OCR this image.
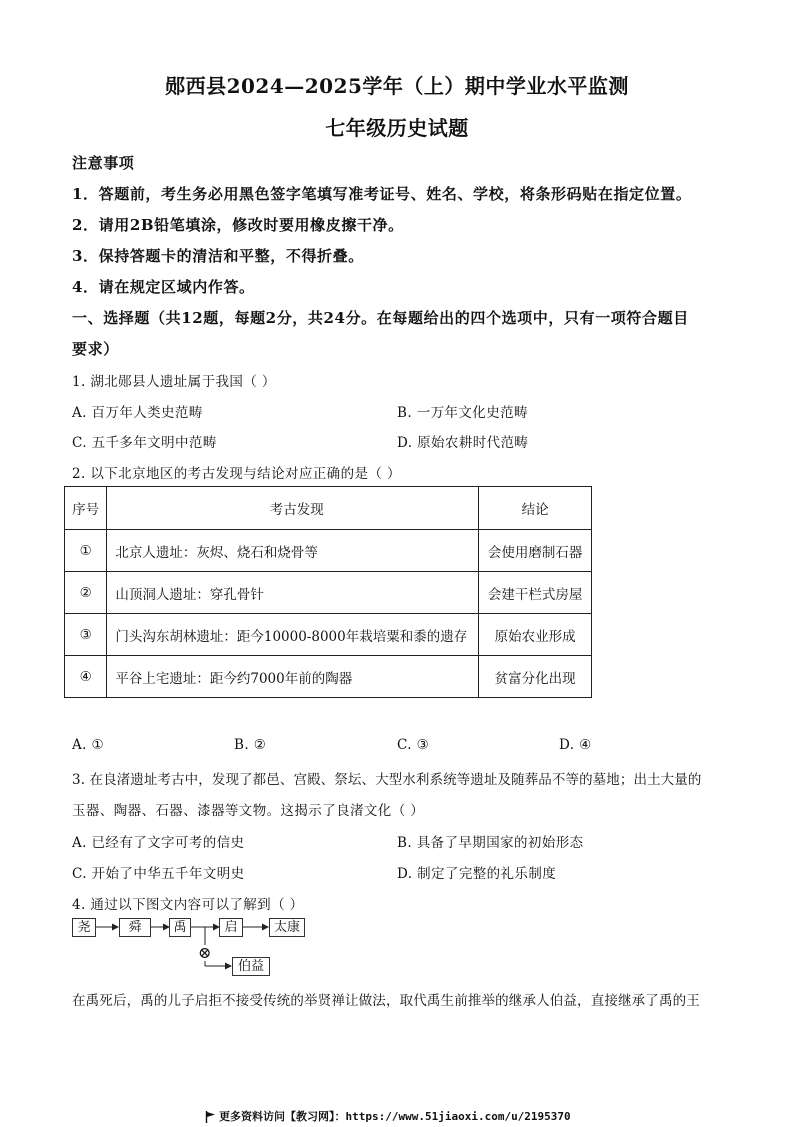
郧西县2024—2025学年（上）期中学业水平监测
七年级历史试题
注意事项
1．答题前，考生务必用黑色签字笔填写准考证号、姓名、学校，将条形码贴在指定位置。
2．请用2B铅笔填涂，修改时要用橡皮擦干净。
3．保持答题卡的清洁和平整，不得折叠。
4．请在规定区域内作答。
一、选择题（共12题，每题2分，共24分。在每题给出的四个选项中，只有一项符合题目
要求）
1. 湖北郧县人遗址属于我国（ ）
A. 百万年人类史范畴	B. 一万年文化史范畴
C. 五千多年文明中范畴	D. 原始农耕时代范畴
2. 以下北京地区的考古发现与结论对应正确的是（ ）
序号	考古发现	结论
①	北京人遗址：灰烬、烧石和烧骨等	会使用磨制石器
②	山顶洞人遗址：穿孔骨针	会建干栏式房屋
③	门头沟东胡林遗址：距今10000-8000年栽培粟和黍的遗存	原始农业形成
④	平谷上宅遗址：距今约7000年前的陶器	贫富分化出现
A. ①	B. ②	C. ③	D. ④
3. 在良渚遗址考古中，发现了都邑、宫殿、祭坛、大型水利系统等遗址及随葬品不等的墓地；出土大量的
玉器、陶器、石器、漆器等文物。这揭示了良渚文化（ ）
A. 已经有了文字可考的信史	B. 具备了早期国家的初始形态
C. 开始了中华五千年文明史	D. 制定了完整的礼乐制度
4. 通过以下图文内容可以了解到（ ）
尧	舜	禹	启	太康
⊗
伯益
在禹死后，禹的儿子启拒不接受传统的举贤禅让做法，取代禹生前推举的继承人伯益，直接继承了禹的王
更多资料访问【教习网】：https://www.51jiaoxi.com/u/2195370
